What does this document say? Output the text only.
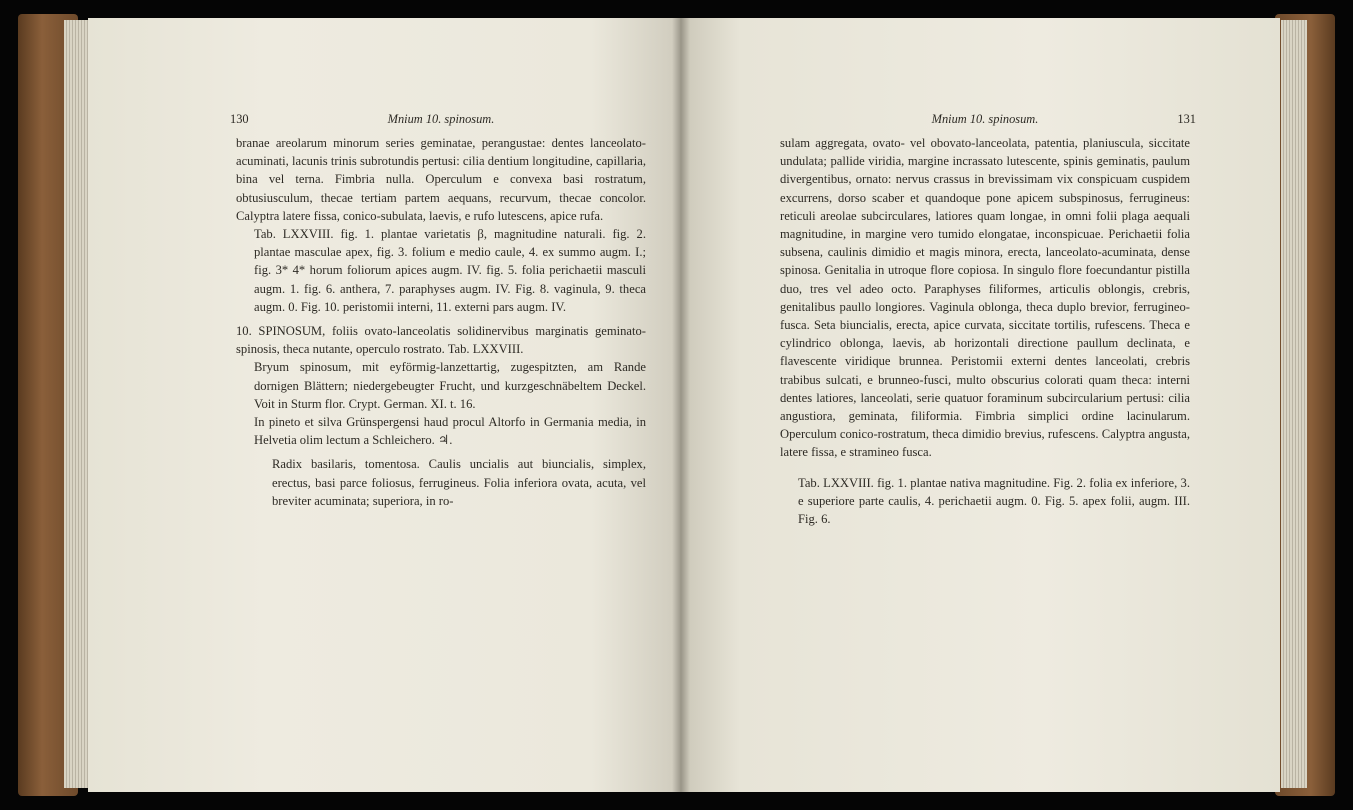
130	Mnium 10. spinosum.

branae areolarum minorum series geminatae, perangustae: dentes lanceolato-acuminati, lacunis trinis subrotundis pertusi: cilia dentium longitudine, capillaria, bina vel terna. Fimbria nulla. Operculum e convexa basi rostratum, obtusiusculum, thecae tertiam partem aequans, recurvum, thecae concolor. Calyptra latere fissa, conico-subulata, laevis, e rufo lutescens, apice rufa.

Tab. LXXVIII. fig. 1. plantae varietatis β, magnitudine naturali. fig. 2. plantae masculae apex, fig. 3. folium e medio caule, 4. ex summo augm. I.; fig. 3* 4* horum foliorum apices augm. IV. fig. 5. folia perichaetii masculi augm. 1. fig. 6. anthera, 7. paraphyses augm. IV. Fig. 8. vaginula, 9. theca augm. 0. Fig. 10. peristomii interni, 11. externi pars augm. IV.

10. SPINOSUM, foliis ovato-lanceolatis solidinervibus marginatis geminato-spinosis, theca nutante, operculo rostrato. Tab. LXXVIII.

Bryum spinosum, mit eyförmig-lanzettartig, zugespitzten, am Rande dornigen Blättern; niedergebeugter Frucht, und kurzgeschnäbeltem Deckel. Voit in Sturm flor. Crypt. German. XI. t. 16.

In pineto et silva Grünspergensi haud procul Altorfo in Germania media, in Helvetia olim lectum a Schleichero. ♃.

Radix basilaris, tomentosa. Caulis uncialis aut biuncialis, simplex, erectus, basi parce foliosus, ferrugineus. Folia inferiora ovata, acuta, vel breviter acuminata; superiora, in ro-

Mnium 10. spinosum.	131

sulam aggregata, ovato- vel obovato-lanceolata, patentia, planiuscula, siccitate undulata; pallide viridia, margine incrassato lutescente, spinis geminatis, paulum divergentibus, ornato: nervus crassus in brevissimam vix conspicuam cuspidem excurrens, dorso scaber et quandoque pone apicem subspinosus, ferrugineus: reticuli areolae subcirculares, latiores quam longae, in omni folii plaga aequali magnitudine, in margine vero tumido elongatae, inconspicuae. Perichaetii folia subsena, caulinis dimidio et magis minora, erecta, lanceolato-acuminata, dense spinosa. Genitalia in utroque flore copiosa. In singulo flore foecundantur pistilla duo, tres vel adeo octo. Paraphyses filiformes, articulis oblongis, crebris, genitalibus paullo longiores. Vaginula oblonga, theca duplo brevior, ferrugineo-fusca. Seta biuncialis, erecta, apice curvata, siccitate tortilis, rufescens. Theca e cylindrico oblonga, laevis, ab horizontali directione paullum declinata, e flavescente viridique brunnea. Peristomii externi dentes lanceolati, crebris trabibus sulcati, e brunneo-fusci, multo obscurius colorati quam theca: interni dentes latiores, lanceolati, serie quatuor foraminum subcircularium pertusi: cilia angustiora, geminata, filiformia. Fimbria simplici ordine lacinularum. Operculum conico-rostratum, theca dimidio brevius, rufescens. Calyptra angusta, latere fissa, e stramineo fusca.

Tab. LXXVIII. fig. 1. plantae nativa magnitudine. Fig. 2. folia ex inferiore, 3. e superiore parte caulis, 4. perichaetii augm. 0. Fig. 5. apex folii, augm. III. Fig. 6.
